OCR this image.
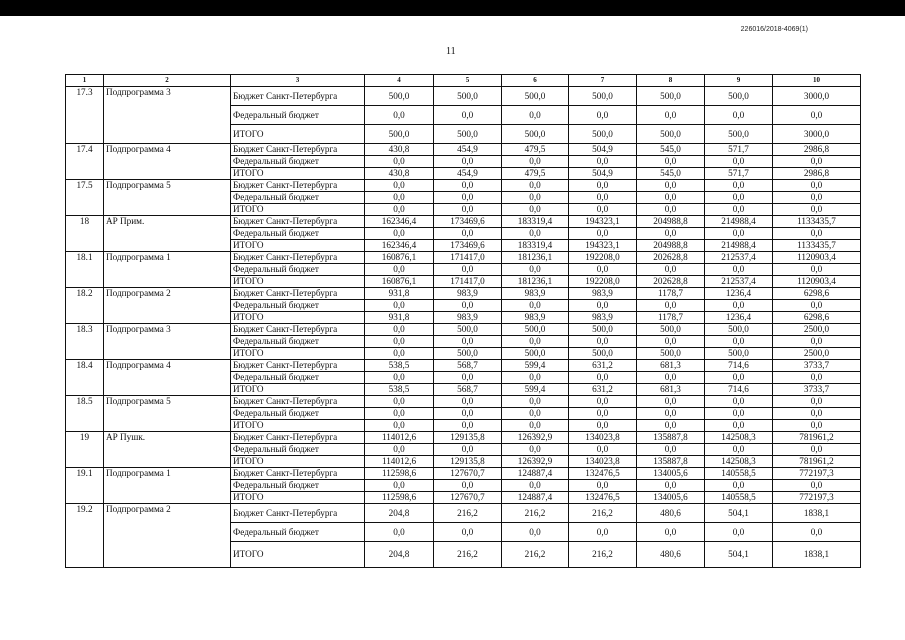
226016/2018-4069(1)
11
1	2	3	4	5	6	7	8	9	10
17.3	Подпрограмма 3	Бюджет Санкт-Петербурга	500,0	500,0	500,0	500,0	500,0	500,0	3000,0
		Федеральный бюджет	0,0	0,0	0,0	0,0	0,0	0,0	0,0
		ИТОГО	500,0	500,0	500,0	500,0	500,0	500,0	3000,0
17.4	Подпрограмма 4	Бюджет Санкт-Петербурга	430,8	454,9	479,5	504,9	545,0	571,7	2986,8
		Федеральный бюджет	0,0	0,0	0,0	0,0	0,0	0,0	0,0
		ИТОГО	430,8	454,9	479,5	504,9	545,0	571,7	2986,8
17.5	Подпрограмма 5	Бюджет Санкт-Петербурга	0,0	0,0	0,0	0,0	0,0	0,0	0,0
		Федеральный бюджет	0,0	0,0	0,0	0,0	0,0	0,0	0,0
		ИТОГО	0,0	0,0	0,0	0,0	0,0	0,0	0,0
18	АР Прим.	Бюджет Санкт-Петербурга	162346,4	173469,6	183319,4	194323,1	204988,8	214988,4	1133435,7
		Федеральный бюджет	0,0	0,0	0,0	0,0	0,0	0,0	0,0
		ИТОГО	162346,4	173469,6	183319,4	194323,1	204988,8	214988,4	1133435,7
18.1	Подпрограмма 1	Бюджет Санкт-Петербурга	160876,1	171417,0	181236,1	192208,0	202628,8	212537,4	1120903,4
		Федеральный бюджет	0,0	0,0	0,0	0,0	0,0	0,0	0,0
		ИТОГО	160876,1	171417,0	181236,1	192208,0	202628,8	212537,4	1120903,4
18.2	Подпрограмма 2	Бюджет Санкт-Петербурга	931,8	983,9	983,9	983,9	1178,7	1236,4	6298,6
		Федеральный бюджет	0,0	0,0	0,0	0,0	0,0	0,0	0,0
		ИТОГО	931,8	983,9	983,9	983,9	1178,7	1236,4	6298,6
18.3	Подпрограмма 3	Бюджет Санкт-Петербурга	0,0	500,0	500,0	500,0	500,0	500,0	2500,0
		Федеральный бюджет	0,0	0,0	0,0	0,0	0,0	0,0	0,0
		ИТОГО	0,0	500,0	500,0	500,0	500,0	500,0	2500,0
18.4	Подпрограмма 4	Бюджет Санкт-Петербурга	538,5	568,7	599,4	631,2	681,3	714,6	3733,7
		Федеральный бюджет	0,0	0,0	0,0	0,0	0,0	0,0	0,0
		ИТОГО	538,5	568,7	599,4	631,2	681,3	714,6	3733,7
18.5	Подпрограмма 5	Бюджет Санкт-Петербурга	0,0	0,0	0,0	0,0	0,0	0,0	0,0
		Федеральный бюджет	0,0	0,0	0,0	0,0	0,0	0,0	0,0
		ИТОГО	0,0	0,0	0,0	0,0	0,0	0,0	0,0
19	АР Пушк.	Бюджет Санкт-Петербурга	114012,6	129135,8	126392,9	134023,8	135887,8	142508,3	781961,2
		Федеральный бюджет	0,0	0,0	0,0	0,0	0,0	0,0	0,0
		ИТОГО	114012,6	129135,8	126392,9	134023,8	135887,8	142508,3	781961,2
19.1	Подпрограмма 1	Бюджет Санкт-Петербурга	112598,6	127670,7	124887,4	132476,5	134005,6	140558,5	772197,3
		Федеральный бюджет	0,0	0,0	0,0	0,0	0,0	0,0	0,0
		ИТОГО	112598,6	127670,7	124887,4	132476,5	134005,6	140558,5	772197,3
19.2	Подпрограмма 2	Бюджет Санкт-Петербурга	204,8	216,2	216,2	216,2	480,6	504,1	1838,1
		Федеральный бюджет	0,0	0,0	0,0	0,0	0,0	0,0	0,0
		ИТОГО	204,8	216,2	216,2	216,2	480,6	504,1	1838,1
